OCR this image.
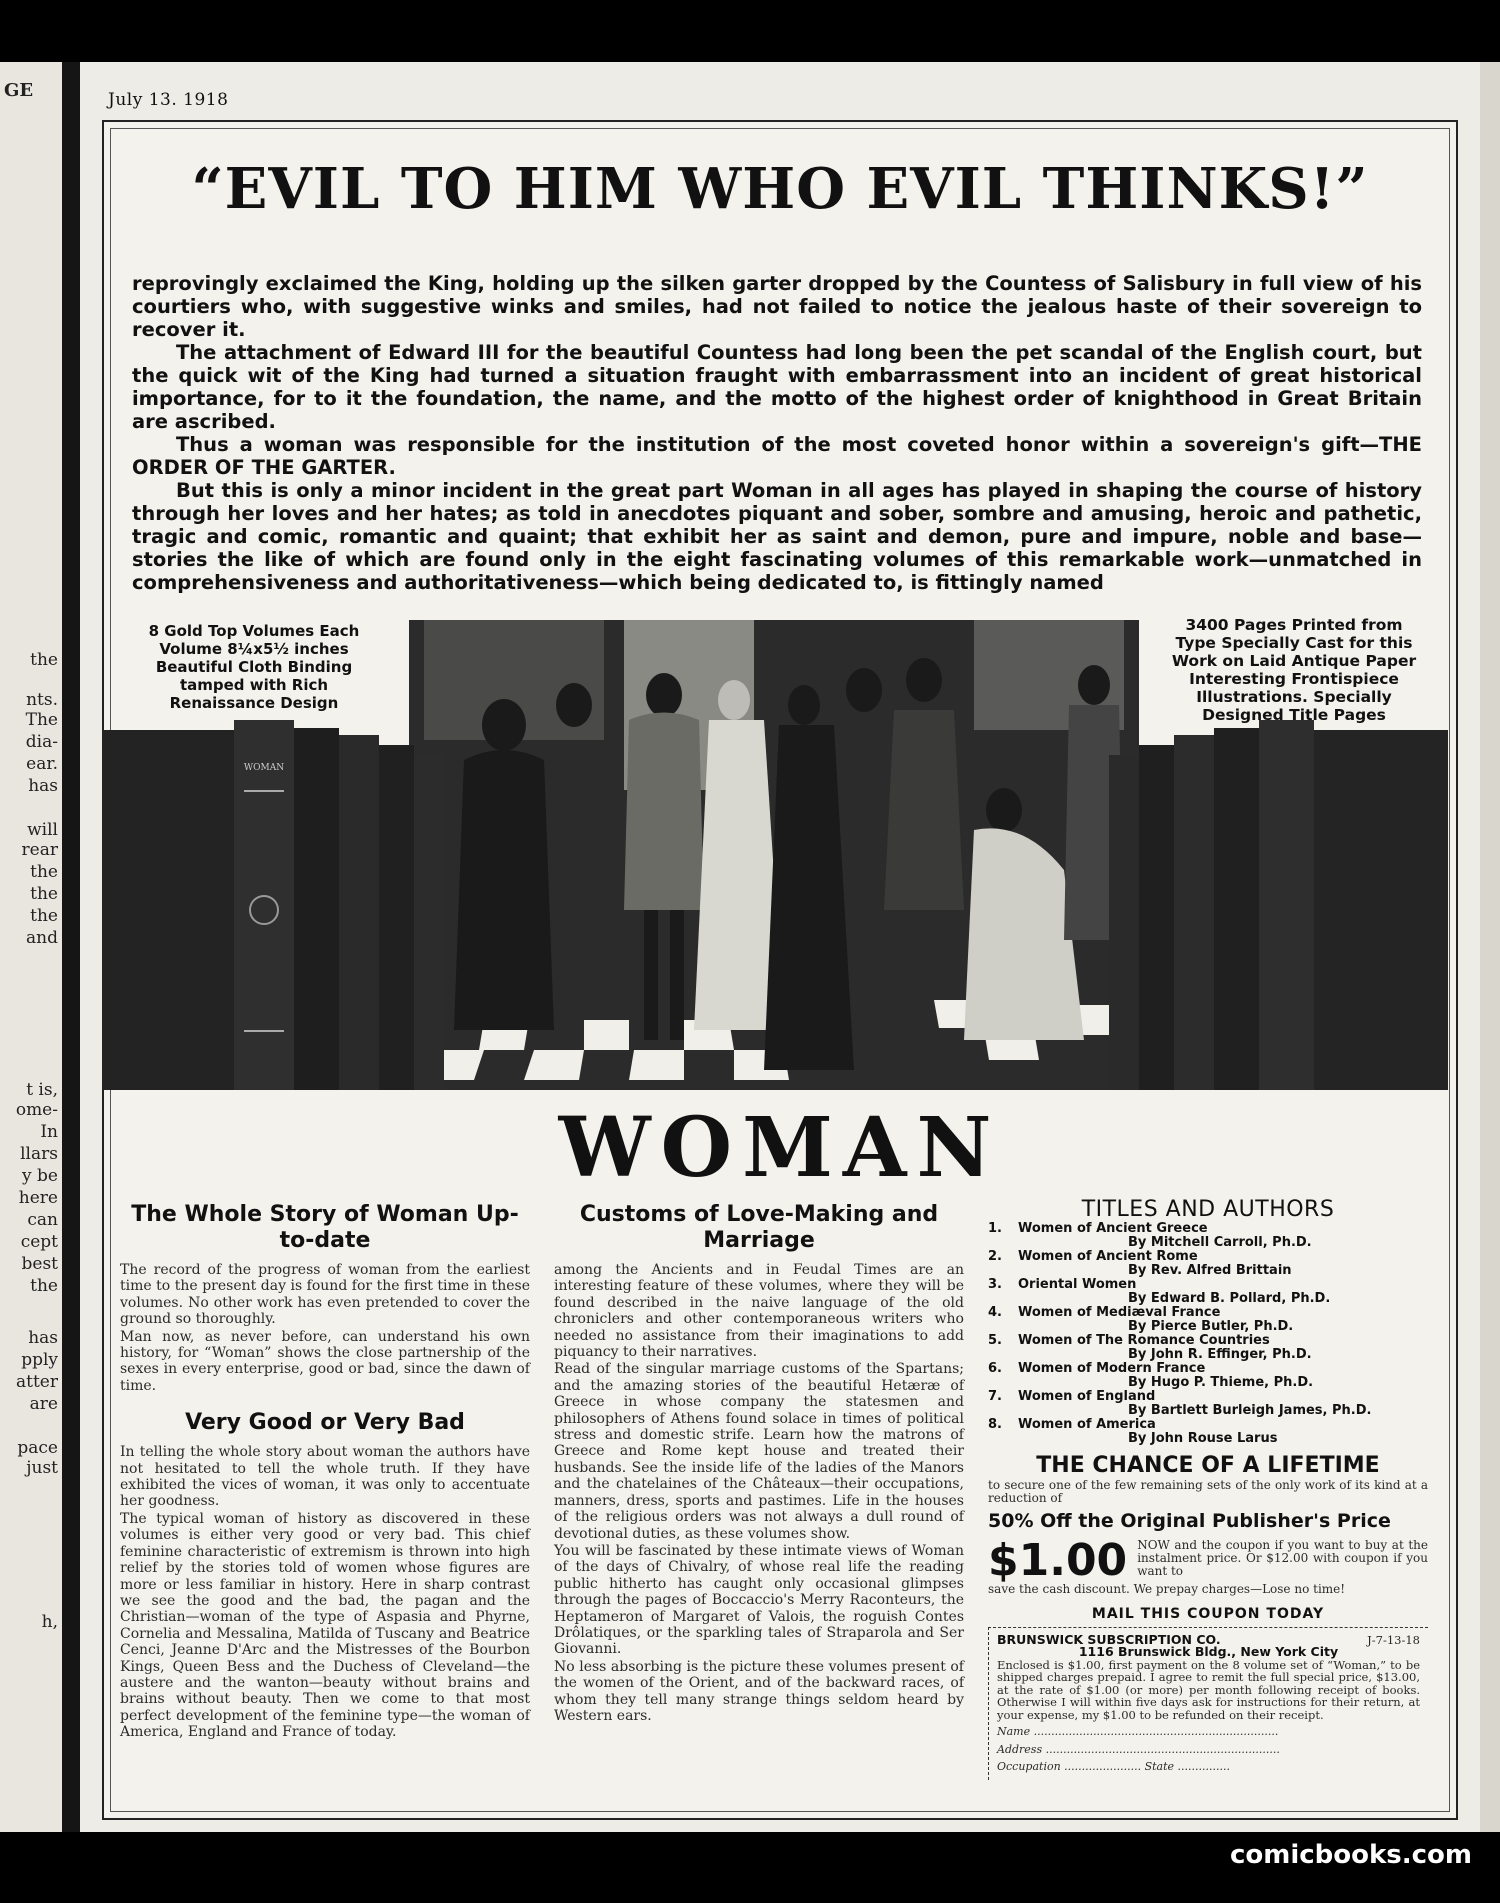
GE
the
nts.
The
dia-
ear.
has
will
rear
the
the
the
and
t is,
ome-
In
llars
y be
here
can
cept
best
the
has
pply
atter
are
pace
just
h,
July 13. 1918
“EVIL TO HIM WHO EVIL THINKS!”

reprovingly exclaimed the King, holding up the silken garter dropped by the Countess of Salisbury in full view of his courtiers who, with suggestive winks and smiles, had not failed to notice the jealous haste of their sovereign to recover it.

The attachment of Edward III for the beautiful Countess had long been the pet scandal of the English court, but the quick wit of the King had turned a situation fraught with embarrassment into an incident of great historical importance, for to it the foundation, the name, and the motto of the highest order of knighthood in Great Britain are ascribed.

Thus a woman was responsible for the institution of the most coveted honor within a sovereign's gift—THE ORDER OF THE GARTER.

But this is only a minor incident in the great part Woman in all ages has played in shaping the course of history through her loves and her hates; as told in anecdotes piquant and sober, sombre and amusing, heroic and pathetic, tragic and comic, romantic and quaint; that exhibit her as saint and demon, pure and impure, noble and base—stories the like of which are found only in the eight fascinating volumes of this remarkable work—unmatched in comprehensiveness and authoritativeness—which being dedicated to, is fittingly named

WOMAN
8 Gold Top Volumes Each Volume 8¼x5½ inches Beautiful Cloth Binding tamped with Rich Renaissance Design
3400 Pages Printed from Type Specially Cast for this Work on Laid Antique Paper Interesting Frontispiece Illustrations. Specially Designed Title Pages
WOMAN
The Whole Story of Woman Up-to-date

The record of the progress of woman from the earliest time to the present day is found for the first time in these volumes. No other work has even pretended to cover the ground so thoroughly.

Man now, as never before, can understand his own history, for “Woman” shows the close partnership of the sexes in every enterprise, good or bad, since the dawn of time.

Very Good or Very Bad

In telling the whole story about woman the authors have not hesitated to tell the whole truth. If they have exhibited the vices of woman, it was only to accentuate her goodness.

The typical woman of history as discovered in these volumes is either very good or very bad. This chief feminine characteristic of extremism is thrown into high relief by the stories told of women whose figures are more or less familiar in history. Here in sharp contrast we see the good and the bad, the pagan and the Christian—woman of the type of Aspasia and Phyrne, Cornelia and Messalina, Matilda of Tuscany and Beatrice Cenci, Jeanne D'Arc and the Mistresses of the Bourbon Kings, Queen Bess and the Duchess of Cleveland—the austere and the wanton—beauty without brains and brains without beauty. Then we come to that most perfect development of the feminine type—the woman of America, England and France of today.

Customs of Love-Making and Marriage

among the Ancients and in Feudal Times are an interesting feature of these volumes, where they will be found described in the naive language of the old chroniclers and other contemporaneous writers who needed no assistance from their imaginations to add piquancy to their narratives.

Read of the singular marriage customs of the Spartans; and the amazing stories of the beautiful Hetæræ of Greece in whose company the statesmen and philosophers of Athens found solace in times of political stress and domestic strife. Learn how the matrons of Greece and Rome kept house and treated their husbands. See the inside life of the ladies of the Manors and the chatelaines of the Châteaux—their occupations, manners, dress, sports and pastimes. Life in the houses of the religious orders was not always a dull round of devotional duties, as these volumes show.

You will be fascinated by these intimate views of Woman of the days of Chivalry, of whose real life the reading public hitherto has caught only occasional glimpses through the pages of Boccaccio's Merry Raconteurs, the Heptameron of Margaret of Valois, the roguish Contes Drôlatiques, or the sparkling tales of Straparola and Ser Giovanni.

No less absorbing is the picture these volumes present of the women of the Orient, and of the backward races, of whom they tell many strange things seldom heard by Western ears.

TITLES AND AUTHORS
1. Women of Ancient Greece
By Mitchell Carroll, Ph.D.
2. Women of Ancient Rome
By Rev. Alfred Brittain
3. Oriental Women
By Edward B. Pollard, Ph.D.
4. Women of Mediæval France
By Pierce Butler, Ph.D.
5. Women of The Romance Countries
By John R. Effinger, Ph.D.
6. Women of Modern France
By Hugo P. Thieme, Ph.D.
7. Women of England
By Bartlett Burleigh James, Ph.D.
8. Women of America
By John Rouse Larus
THE CHANCE OF A LIFETIME
to secure one of the few remaining sets of the only work of its kind at a reduction of
50% Off the Original Publisher's Price
$1.00 NOW and the coupon if you want to buy at the instalment price. Or $12.00 with coupon if you want to
save the cash discount. We prepay charges—Lose no time!
MAIL THIS COUPON TODAY
BRUNSWICK SUBSCRIPTION CO.	J-7-13-18
1116 Brunswick Bldg., New York City
Enclosed is $1.00, first payment on the 8 volume set of “Woman,” to be shipped charges prepaid. I agree to remit the full special price, $13.00, at the rate of $1.00 (or more) per month following receipt of books. Otherwise I will within five days ask for instructions for their return, at your expense, my $1.00 to be refunded on their receipt.
Name ......................................................................
Address ...................................................................
Occupation ...................... State ...............
comicbooks.com
